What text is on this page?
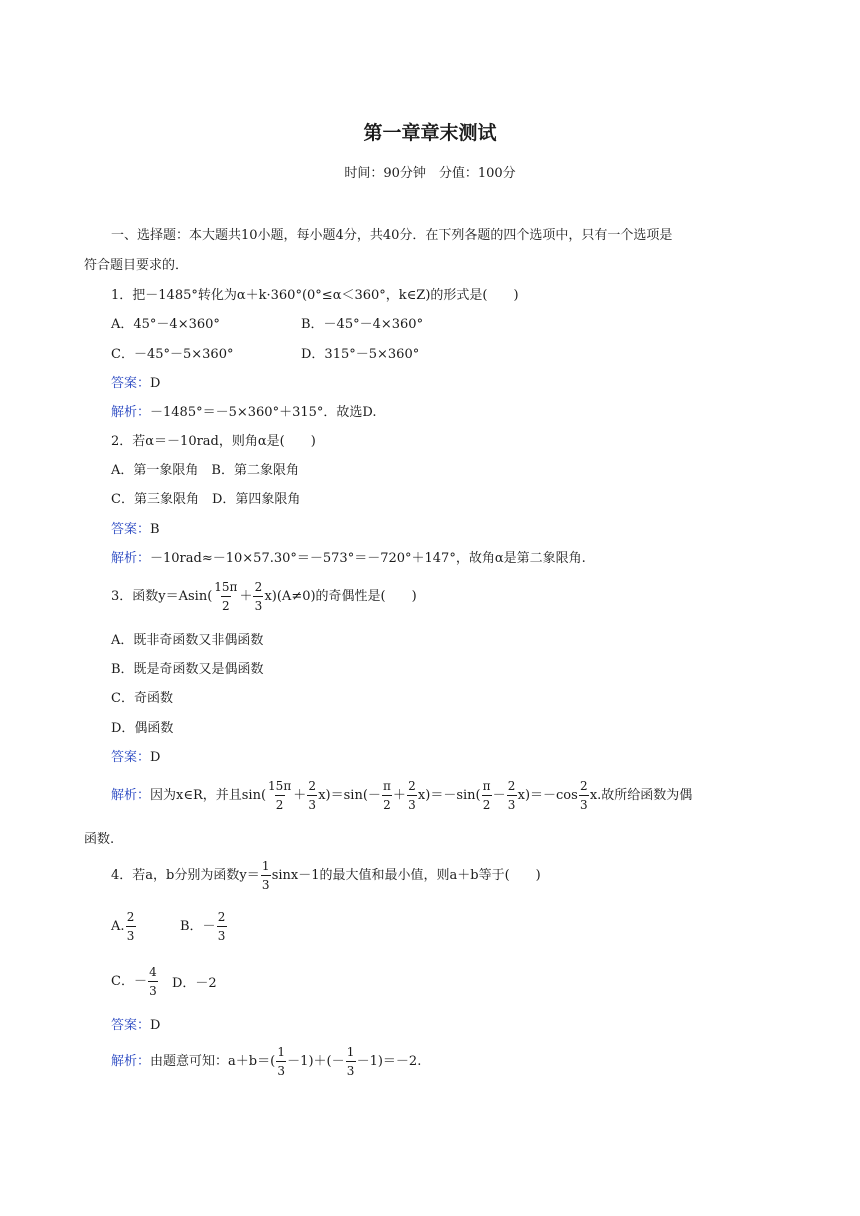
第一章章末测试
时间：90分钟　分值：100分
一、选择题：本大题共10小题，每小题4分，共40分．在下列各题的四个选项中，只有一个选项是
符合题目要求的．
1．把－1485°转化为α＋k·360°(0°≤α＜360°，k∈Z)的形式是(　　)
A．45°－4×360°	B．－45°－4×360°
C．－45°－5×360°	D．315°－5×360°
答案：D
解析：－1485°＝－5×360°＋315°．故选D.
2．若α＝－10rad，则角α是(　　)
A．第一象限角　B．第二象限角
C．第三象限角　D．第四象限角
答案：B
解析：－10rad≈－10×57.30°＝－573°＝－720°＋147°，故角α是第二象限角.
3．函数$y=Asin( \frac{15\pi}{2} + \frac{2}{3} x)(A\ne 0)$的奇偶性是(　　)
A．既非奇函数又非偶函数
B．既是奇函数又是偶函数
C．奇函数
D．偶函数
答案：D
解析：因为x∈R，并且$\sin( \frac{15\pi}{2} + \frac{2}{3} x)=\sin(- \frac{\pi}{2} + \frac{2}{3} x)=-\sin( \frac{\pi}{2} - \frac{2}{3} x)=-\cos \frac{2}{3} x$.故所给函数为偶
函数.
4．若a，b分别为函数$y= \frac{1}{3} \sin x-1$的最大值和最小值，则a＋b等于(　　)
A. $\frac{2}{3}$	B．－ $\frac{2}{3}$
C．－ $\frac{4}{3}$ D．－2
答案：D
解析：由题意可知：$a+b=( \frac{1}{3} -1)+(- \frac{1}{3} -1)=-2$.
